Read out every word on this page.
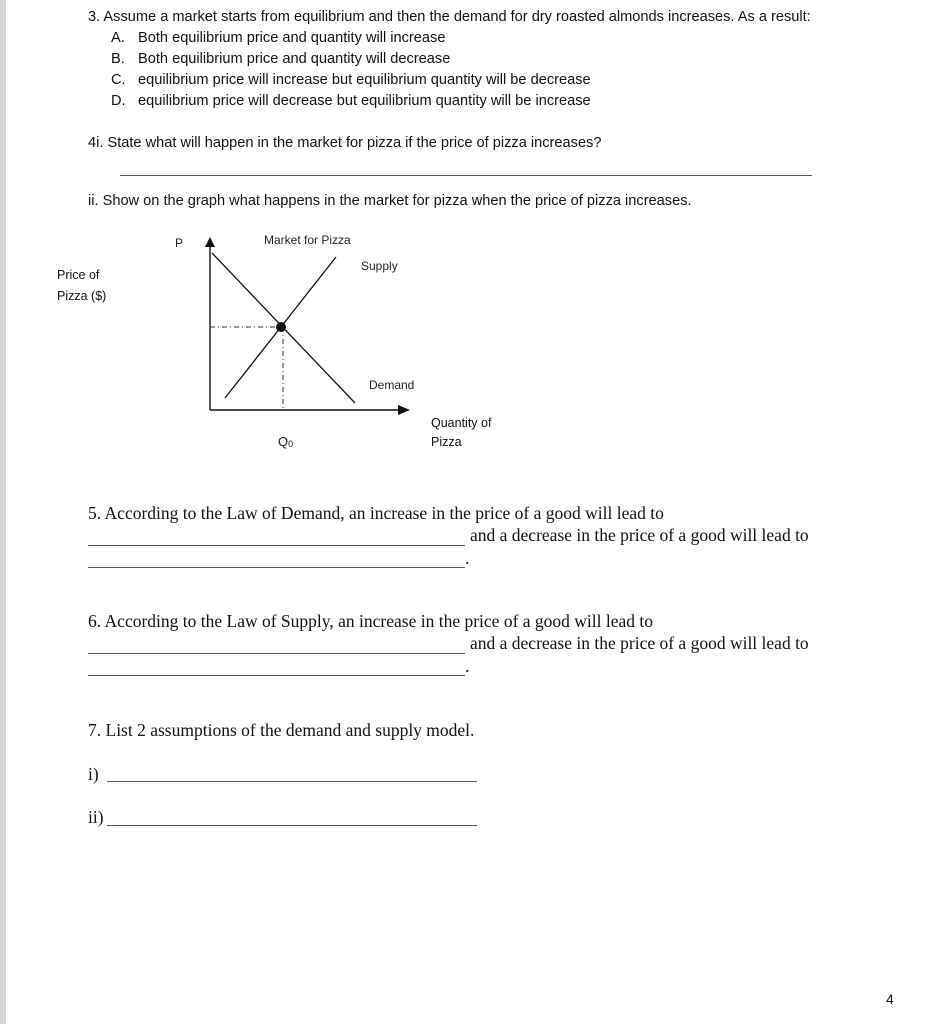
3. Assume a market starts from equilibrium and then the demand for dry roasted almonds increases. As a result:
A. Both equilibrium price and quantity will increase
B. Both equilibrium price and quantity will decrease
C. equilibrium price will increase but equilibrium quantity will be decrease
D. equilibrium price will decrease but equilibrium quantity will be increase
4i. State what will happen in the market for pizza if the price of pizza increases?
ii. Show on the graph what happens in the market for pizza when the price of pizza increases.
Price of
Pizza ($)
P	Market for Pizza
Supply
Demand
Q0
Quantity of
Pizza
5. According to the Law of Demand, an increase in the price of a good will lead to
and a decrease in the price of a good will lead to
.
6. According to the Law of Supply, an increase in the price of a good will lead to
and a decrease in the price of a good will lead to
.
7. List 2 assumptions of the demand and supply model.
i)
ii)
4
